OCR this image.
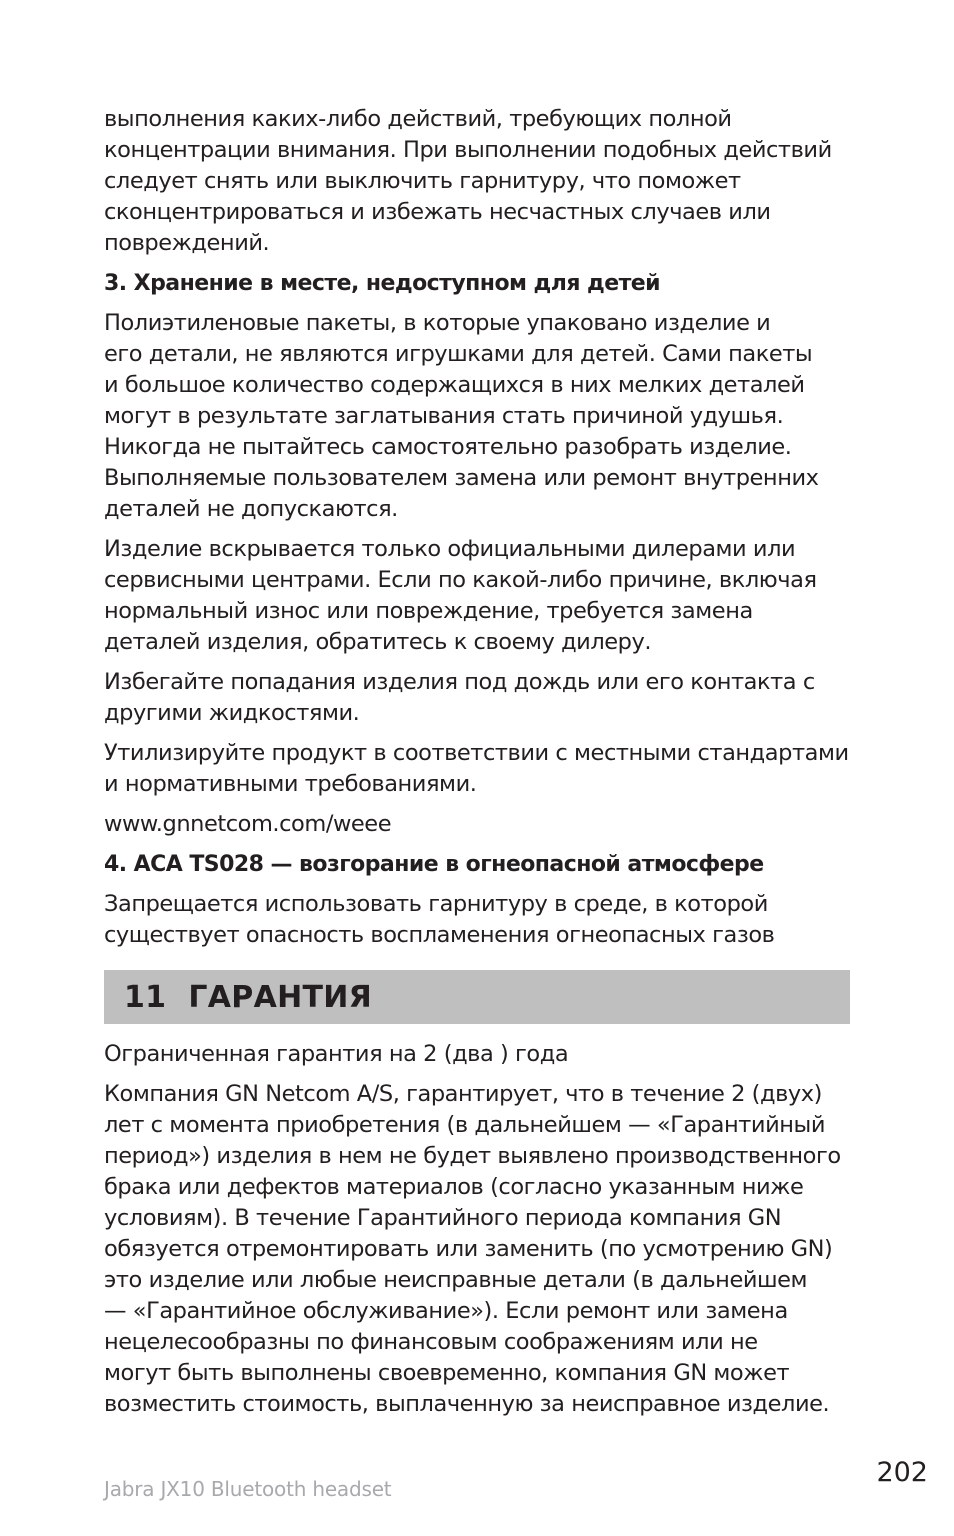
выполнения каких-либо действий, требующих полной
концентрации внимания. При выполнении подобных действий
следует снять или выключить гарнитуру, что поможет
сконцентрироваться и избежать несчастных случаев или
повреждений.
3. Хранение в месте, недоступном для детей
Полиэтиленовые пакеты, в которые упаковано изделие и
его детали, не являются игрушками для детей. Сами пакеты
и большое количество содержащихся в них мелких деталей
могут в результате заглатывания стать причиной удушья.
Никогда не пытайтесь самостоятельно разобрать изделие.
Выполняемые пользователем замена или ремонт внутренних
деталей не допускаются.
Изделие вскрывается только официальными дилерами или
сервисными центрами. Если по какой-либо причине, включая
нормальный износ или повреждение, требуется замена
деталей изделия, обратитесь к своему дилеру.
Избегайте попадания изделия под дождь или его контакта с
другими жидкостями.
Утилизируйте продукт в соответствии с местными стандартами
и нормативными требованиями.
www.gnnetcom.com/weee
4. ACA TS028 — возгорание в огнеопасной атмосфере
Запрещается использовать гарнитуру в среде, в которой
существует опасность воспламенения огнеопасных газов
11 ГАРАНТИЯ
Ограниченная гарантия на 2 (два ) года
Компания GN Netcom A/S, гарантирует, что в течение 2 (двух)
лет с момента приобретения (в дальнейшем — «Гарантийный
период») изделия в нем не будет выявлено производственного
брака или дефектов материалов (согласно указанным ниже
условиям). В течение Гарантийного периода компания GN
обязуется отремонтировать или заменить (по усмотрению GN)
это изделие или любые неисправные детали (в дальнейшем
— «Гарантийное обслуживание»). Если ремонт или замена
нецелесообразны по финансовым соображениям или не
могут быть выполнены своевременно, компания GN может
возместить стоимость, выплаченную за неисправное изделие.
Jabra JX10 Bluetooth headset
202
